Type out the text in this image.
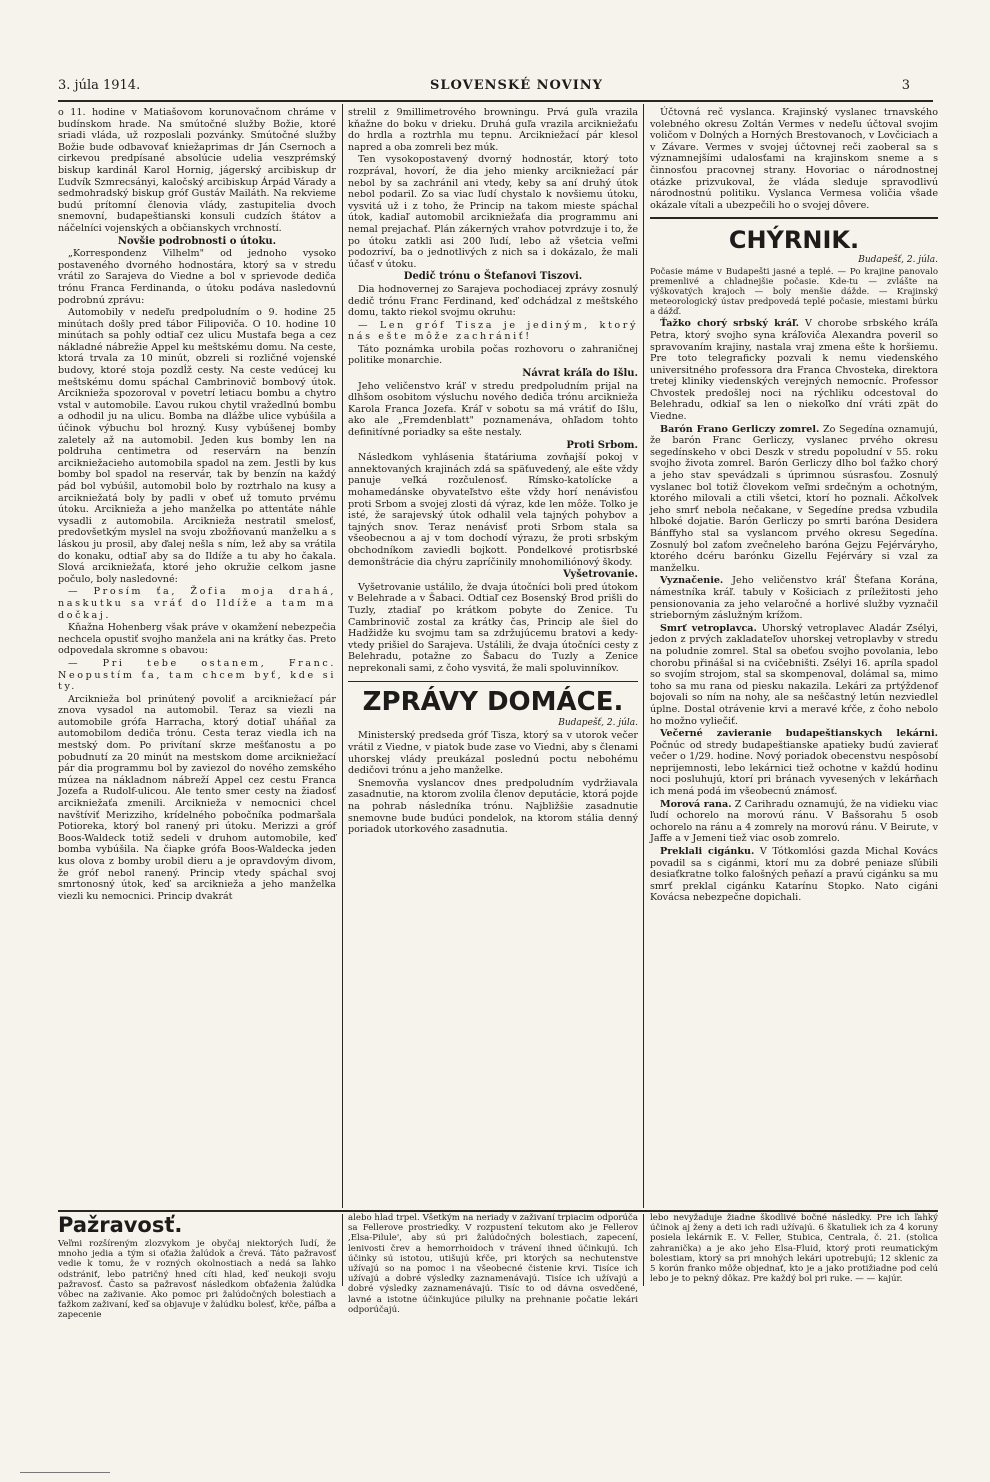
3. júla 1914.	SLOVENSKÉ NOVINY	3

o 11. hodine v Matiašovom korunovačnom chráme v budínskom hrade. Na smútočné služby Božie, ktoré sriadi vláda, už rozposlali pozvánky. Smútočné služby Božie bude odbavovať kniežaprimas dr Ján Csernoch a cirkevou predpísané absolúcie udelia veszprémský biskup kardinál Karol Hornig, jágerský arcibiskup dr Ľudvík Szmrecsányi, kaločský arcibiskup Árpád Várady a sedmohradský biskup gróf Gustáv Mailáth. Na rekvieme budú prítomní členovia vlády, zastupitelia dvoch snemovní, budapeštianski konsuli cudzích štátov a náčelníci vojenských a občianskych vrchností.

Novšie podrobnosti o útoku.

„Korrespondenz Vilhelm" od jednoho vysoko postaveného dvorného hodnostára, ktorý sa v stredu vrátil zo Sarajeva do Viedne a bol v sprievode dediča trónu Franca Ferdinanda, o útoku podáva nasledovnú podrobnú zprávu:

Automobily v nedeľu predpoludním o 9. hodine 25 minútach došly pred tábor Filipoviča. O 10. hodine 10 minútach sa pohly odtiaľ cez ulicu Mustafa bega a cez nákladné nábrežie Appel ku meštskému domu. Na ceste, ktorá trvala za 10 minút, obzreli si rozličné vojenské budovy, ktoré stoja pozdĺž cesty. Na ceste vedúcej ku meštskému domu spáchal Cambrinovič bombový útok. Arcikniežа spozoroval v povetrí letiacu bombu a chytro vstal v automobile. Ľavou rukou chytil vražedlnú bombu a odhodil ju na ulicu. Bomba na dlážbe ulice vybúšila a účinok výbuchu bol hrozný. Kusy vybúšenej bomby zaletely až na automobil. Jeden kus bomby len na poldruha centimetra od reservárn na benzín arcikniežacieho automobila spadol na zem. Jestli by kus bomby bol spadol na reservár, tak by benzín na každý pád bol vybúšil, automobil bolo by roztrhalo na kusy a arcikniežatá boly by padli v obeť už tomuto prvému útoku. Arcikniežа a jeho manželka po attentáte náhle vysadli z automobila. Arcikniežа nestratil smelosť, predovšetkým myslel na svoju zbožňovanú manželku a s láskou ju prosil, aby ďalej nešla s ním, lež aby sa vrátila do konaku, odtiaľ aby sa do Ildíže a tu aby ho čakala. Slová arcikniežaťa, ktoré jeho okružie celkom jasne počulo, boly nasledovné:

— Prosím ťa, Žofia moja drahá, naskutku sa vráť do Ildíže a tam ma dočkaj.

Kňažna Hohenberg však práve v okamžení nebezpečia nechcela opustiť svojho manžela ani na krátky čas. Preto odpovedala skromne s obavou:

— Pri tebe ostanem, Franc. Neopustím ťa, tam chcem byť, kde si ty.

Arcikniežа bol prinútený povoliť a arcikniežací pár znova vysadol na automobil. Teraz sa viezli na automobile grófa Harracha, ktorý dotiaľ uháňal za automobilom dediča trónu. Cesta teraz viedla ich na mestský dom. Po privítaní skrze mešťanostu a po pobudnutí za 20 minút na mestskom dome arcikniežací pár dia programmu bol by zaviezol do nového zemského múzea na nákladnom nábreží Appel cez cestu Franca Jozefa a Rudolf-ulicou. Ale tento smer cesty na žiadosť arcikniežaťa zmenili. Arcikniežа v nemocnici chcel navštíviť Merizziho, krídelného pobočníka podmaršala Potioreka, ktorý bol ranený pri útoku. Merizzi a gróf Boos-Waldeck totiž sedeli v druhom automobile, keď bomba vybúšila. Na čiapke grófa Boos-Waldecka jeden kus olova z bomby urobil dieru a je opravdovým divom, že gróf nebol ranený. Princip vtedy spáchal svoj smrtonosný útok, keď sa arcikniežа a jeho manželka viezli ku nemocnici. Princip dvakrát

strelil z 9millimetrového browningu. Prvá guľa vrazila kňažne do boku v drieku. Druhá guľa vrazila arcikniežaťu do hrdla a roztrhla mu tepnu. Arcikniežací pár klesol napred a oba zomreli bez múk.

Ten vysokopostavený dvorný hodnostár, ktorý toto rozprával, hovorí, že dia jeho mienky arcikniežací pár nebol by sa zachránil ani vtedy, keby sa aní druhý útok nebol podaril. Zo sa viac ľudí chystalo k novšiemu útoku, vysvitá už i z toho, že Princip na takom mieste spáchal útok, kadiaľ automobil arcikniežaťa dia programmu ani nemal prejachať. Plán zákerných vrahov potvrdzuje i to, že po útoku zatkli asi 200 ľudí, lebo až všetcia veľmi podozriví, ba o jednotlivých z nich sa i dokázalo, že mali účasť v útoku.

Dedič trónu o Štefanovi Tiszovi.

Dia hodnovernej zo Sarajeva pochodiacej zprávy zosnulý dedič trónu Franc Ferdinand, keď odchádzal z meštského domu, takto riekol svojmu okruhu:

— Len gróf Tisza je jediným, ktorý nás ešte môže zachrániť!

Táto poznámka urobila počas rozhovoru o zahraničnej politike monarchie.

Návrat kráľa do Išlu.

Jeho veličenstvo kráľ v stredu predpoludním prijal na dlhšom osobitom výsluchu nového dediča trónu arcikniežа Karola Franca Jozefa. Kráľ v sobotu sa má vrátiť do Išlu, ako ale „Fremdenblatt" poznamenáva, ohľadom tohto definitívné poriadky sa ešte nestaly.

Proti Srbom.

Následkom vyhlásenia štatáriuma zovňajší pokoj v annektovaných krajinách zdá sa späťuvedený, ale ešte vždy panuje veľká rozčulenosť. Rímsko-katolícke a mohamedánske obyvateľstvo ešte vždy horí nenávisťou proti Srbom a svojej zlosti dá výraz, kde len môže. Tolko je isté, že sarajevský útok odhalil vela tajných pohybov a tajných snov. Teraz nenávisť proti Srbom stala sa všeobecnou a aj v tom dochodí výrazu, že proti srbským obchodníkom zaviedli bojkott. Pondelkové protisrbské demonštrácie dia chýru zapríčinily mnohomiliónový škody.

Vyšetrovanie.

Vyšetrovanie ustálilo, že dvaja útočníci boli pred útokom v Belehrade a v Šabaci. Odtiaľ cez Bosenský Brod prišli do Tuzly, ztadiaľ po krátkom pobyte do Zenice. Tu Cambrinovič zostal za krátky čas, Princip ale šiel do Hadžidže ku svojmu tam sa zdržujúcemu bratovi a kedy-vtedy prišiel do Sarajeva. Ustálili, že dvaja útočníci cesty z Belehradu, potažne zo Šabacu do Tuzly a Zenice neprekonali sami, z čoho vysvitá, že mali spoluvinníkov.

ZPRÁVY DOMÁCE.

Budapešť, 2. júla.

Ministerský predseda gróf Tisza, ktorý sa v utorok večer vrátil z Viedne, v piatok bude zase vo Viedni, aby s členami uhorskej vlády preukázal poslednú poctu nebohému dedičovi trónu a jeho manželke.

Snemovňa vyslancov dnes predpoludním vydržiavala zasadnutie, na ktorom zvolila členov deputácie, ktorá pojde na pohrab následníka trónu. Najbližšie zasadnutie snemovne bude budúci pondelok, na ktorom stália denný poriadok utorkového zasadnutia.

Účtovná reč vyslanca. Krajinský vyslanec trnavského volebného okresu Zoltán Vermes v nedeľu účtoval svojim voličom v Dolných a Horných Brestovanoch, v Lovčiciach a v Závare. Vermes v svojej účtovnej reči zaoberal sa s významnejšími udalosťami na krajinskom sneme a s činnosťou pracovnej strany. Hovoriac o národnostnej otázke prizvukoval, že vláda sleduje spravodlivú národnostnú politiku. Vyslanca Vermesa voličia všade okázale vítali a ubezpečili ho o svojej dôvere.

CHÝRNIK.

Budapešť, 2. júla.

Počasie máme v Budapešti jasné a teplé. — Po krajine panovalo premenlivé a chladnejšie počasie. Kde-tu — zvlášte na výškovatých krajoch — boly menšie dážde. — Krajinský meteorologický ústav predpovedá teplé počasie, miestami búrku a dážď.

Ťažko chorý srbský kráľ. V chorobe srbského kráľa Petra, ktorý svojho syna kráľoviča Alexandra poveril so spravovaním krajiny, nastala vraj zmena ešte k horšiemu. Pre toto telegraficky pozvali k nemu viedenského universitného professora dra Franca Chvosteka, direktora tretej kliniky viedenských verejných nemocníc. Professor Chvostek predošlej noci na rýchliku odcestoval do Belehradu, odkiaľ sa len o niekoľko dní vráti zpät do Viedne.

Barón Frano Gerliczy zomrel. Zo Segedína oznamujú, že barón Franc Gerliczy, vyslanec prvého okresu segedínskeho v obci Deszk v stredu popoludní v 55. roku svojho života zomrel. Barón Gerliczy dlho bol ťažko chorý a jeho stav spevádzali s úprimnou súsrasťou. Zosnulý vyslanec bol totiž človekom veľmi srdečným a ochotným, ktorého milovali a ctili všetci, ktorí ho poznali. Ačkoľvek jeho smrť nebola nečakane, v Segedíne predsa vzbudila hlboké dojatie. Barón Gerliczy po smrti baróna Desidera Bánffyho stal sa vyslancom prvého okresu Segedína. Zosnulý bol zaťom zvečneleho baróna Gejzu Fejérváryho, ktorého dcéru barónku Gizellu Fejérváry si vzal za manželku.

Vyznačenie. Jeho veličenstvo kráľ Štefana Korána, námestníka kráľ. tabuly v Košiciach z príležitosti jeho pensionovania za jeho velaročné a horlivé služby vyznačil strieborným záslužným krížom.

Smrť vetroplavca. Uhorský vetroplavec Aladár Zsélyi, jedon z prvých zakladateľov uhorskej vetroplavby v stredu na poludnie zomrel. Stal sa obeťou svojho povolania, lebo chorobu přinášal si na cvičebništi. Zsélyi 16. apríla spadol so svojím strojom, stal sa skompenoval, dolámal sa, mimo toho sa mu rana od piesku nakazila. Lekári za prtýždenof bojovali so ním na nohy, ale sa neščastný letún nezviedlel úplne. Dostal otrávenie krvi a meravé kŕče, z čoho nebolo ho možno vyliečiť.

Večerné zavieranie budapeštianskych lekárni. Počnúc od stredy budapeštianske apatieky budú zavierať večer o 1/29. hodine. Nový poriadok obecenstvu nespôsobí neprijemnosti, lebo lekárnici tiež ochotne v každú hodinu noci posluhujú, ktorí pri bránach vyvesených v lekárňach ich mená podá im všeobecnú známosť.

Morová rana. Z Carihradu oznamujú, že na vidieku viac ľudí ochorelo na morovú ránu. V Bašsorahu 5 osob ochorelo na ránu a 4 zomrely na morovú ránu. V Beirute, v Jaffe a v Jemeni tiež viac osob zomrelo.

Preklali cigánku. V Tótkomlósi gazda Michal Kovács povadil sa s cigánmi, ktorí mu za dobré peniaze sľúbili desiaťkratne tolko falošných peňazí a pravú cigánku sa mu smrť preklal cigánku Katarínu Stopko. Nato cigáni Kovácsa nebezpečne dopichali.

Pažravosť.

Veľmi rozšíreným zlozvykom je obyčaj niektorých ľudí, že mnoho jedia a tým si oťažia žalúdok a črevá. Táto pažravosť vedie k tomu, že v rozných okolnostiach a nedá sa ľahko odstrániť, lebo patričný hned cíti hlad, keď neukoji svoju pažravosť. Často sa pažravosť následkom obťaženia žalúdka vôbec na zaživanie. Ako pomoc pri žalúdočných bolestiach a ťažkom zaživaní, keď sa objavuje v žalúdku bolesť, kŕče, páľba a zapecenie

alebo hlad trpel. Všetkým na neriady v zaživaní trpiacim odporúča sa Fellerove prostriedky. V rozpustení tekutom ako je Fellerov ,Elsa-Pilule', aby sú pri žalúdočných bolestiach, zapecení, lenivosti črev a hemorrhoidoch v trávení ihned účinkujú. Ich účinky sú istotou, utišujú kŕče, pri ktorých sa nechutenstve užívajú so na pomoc i na všeobecné čistenie krvi. Tisíce ich užívajú a dobré výsledky zaznamenávajú. Tisíce ich užívajú a dobré výsledky zaznamenávajú. Tisíc to od dávna osvedčené, lavné a istotne účinkujúce pilulky na prehnanie počatie lekári odporúčajú.

lebo nevyžaduje žiadne škodlivé bočné následky. Pre ich ľahký účinok aj ženy a deti ich radi užívajú. 6 škatuliek ich za 4 koruny posiela lekárnik E. V. Feller, Stubica, Centrala, č. 21. (stolica zahranička) a je ako jeho Elsa-Fluid, ktorý proti reumatickým bolestiam, ktorý sa pri mnohých lekári upotrebujú; 12 sklenic za 5 korún franko môže objednať, kto je a jako protižiadne pod celú lebo je to pekný dôkaz. Pre každý bol pri ruke. — — kajúr.
